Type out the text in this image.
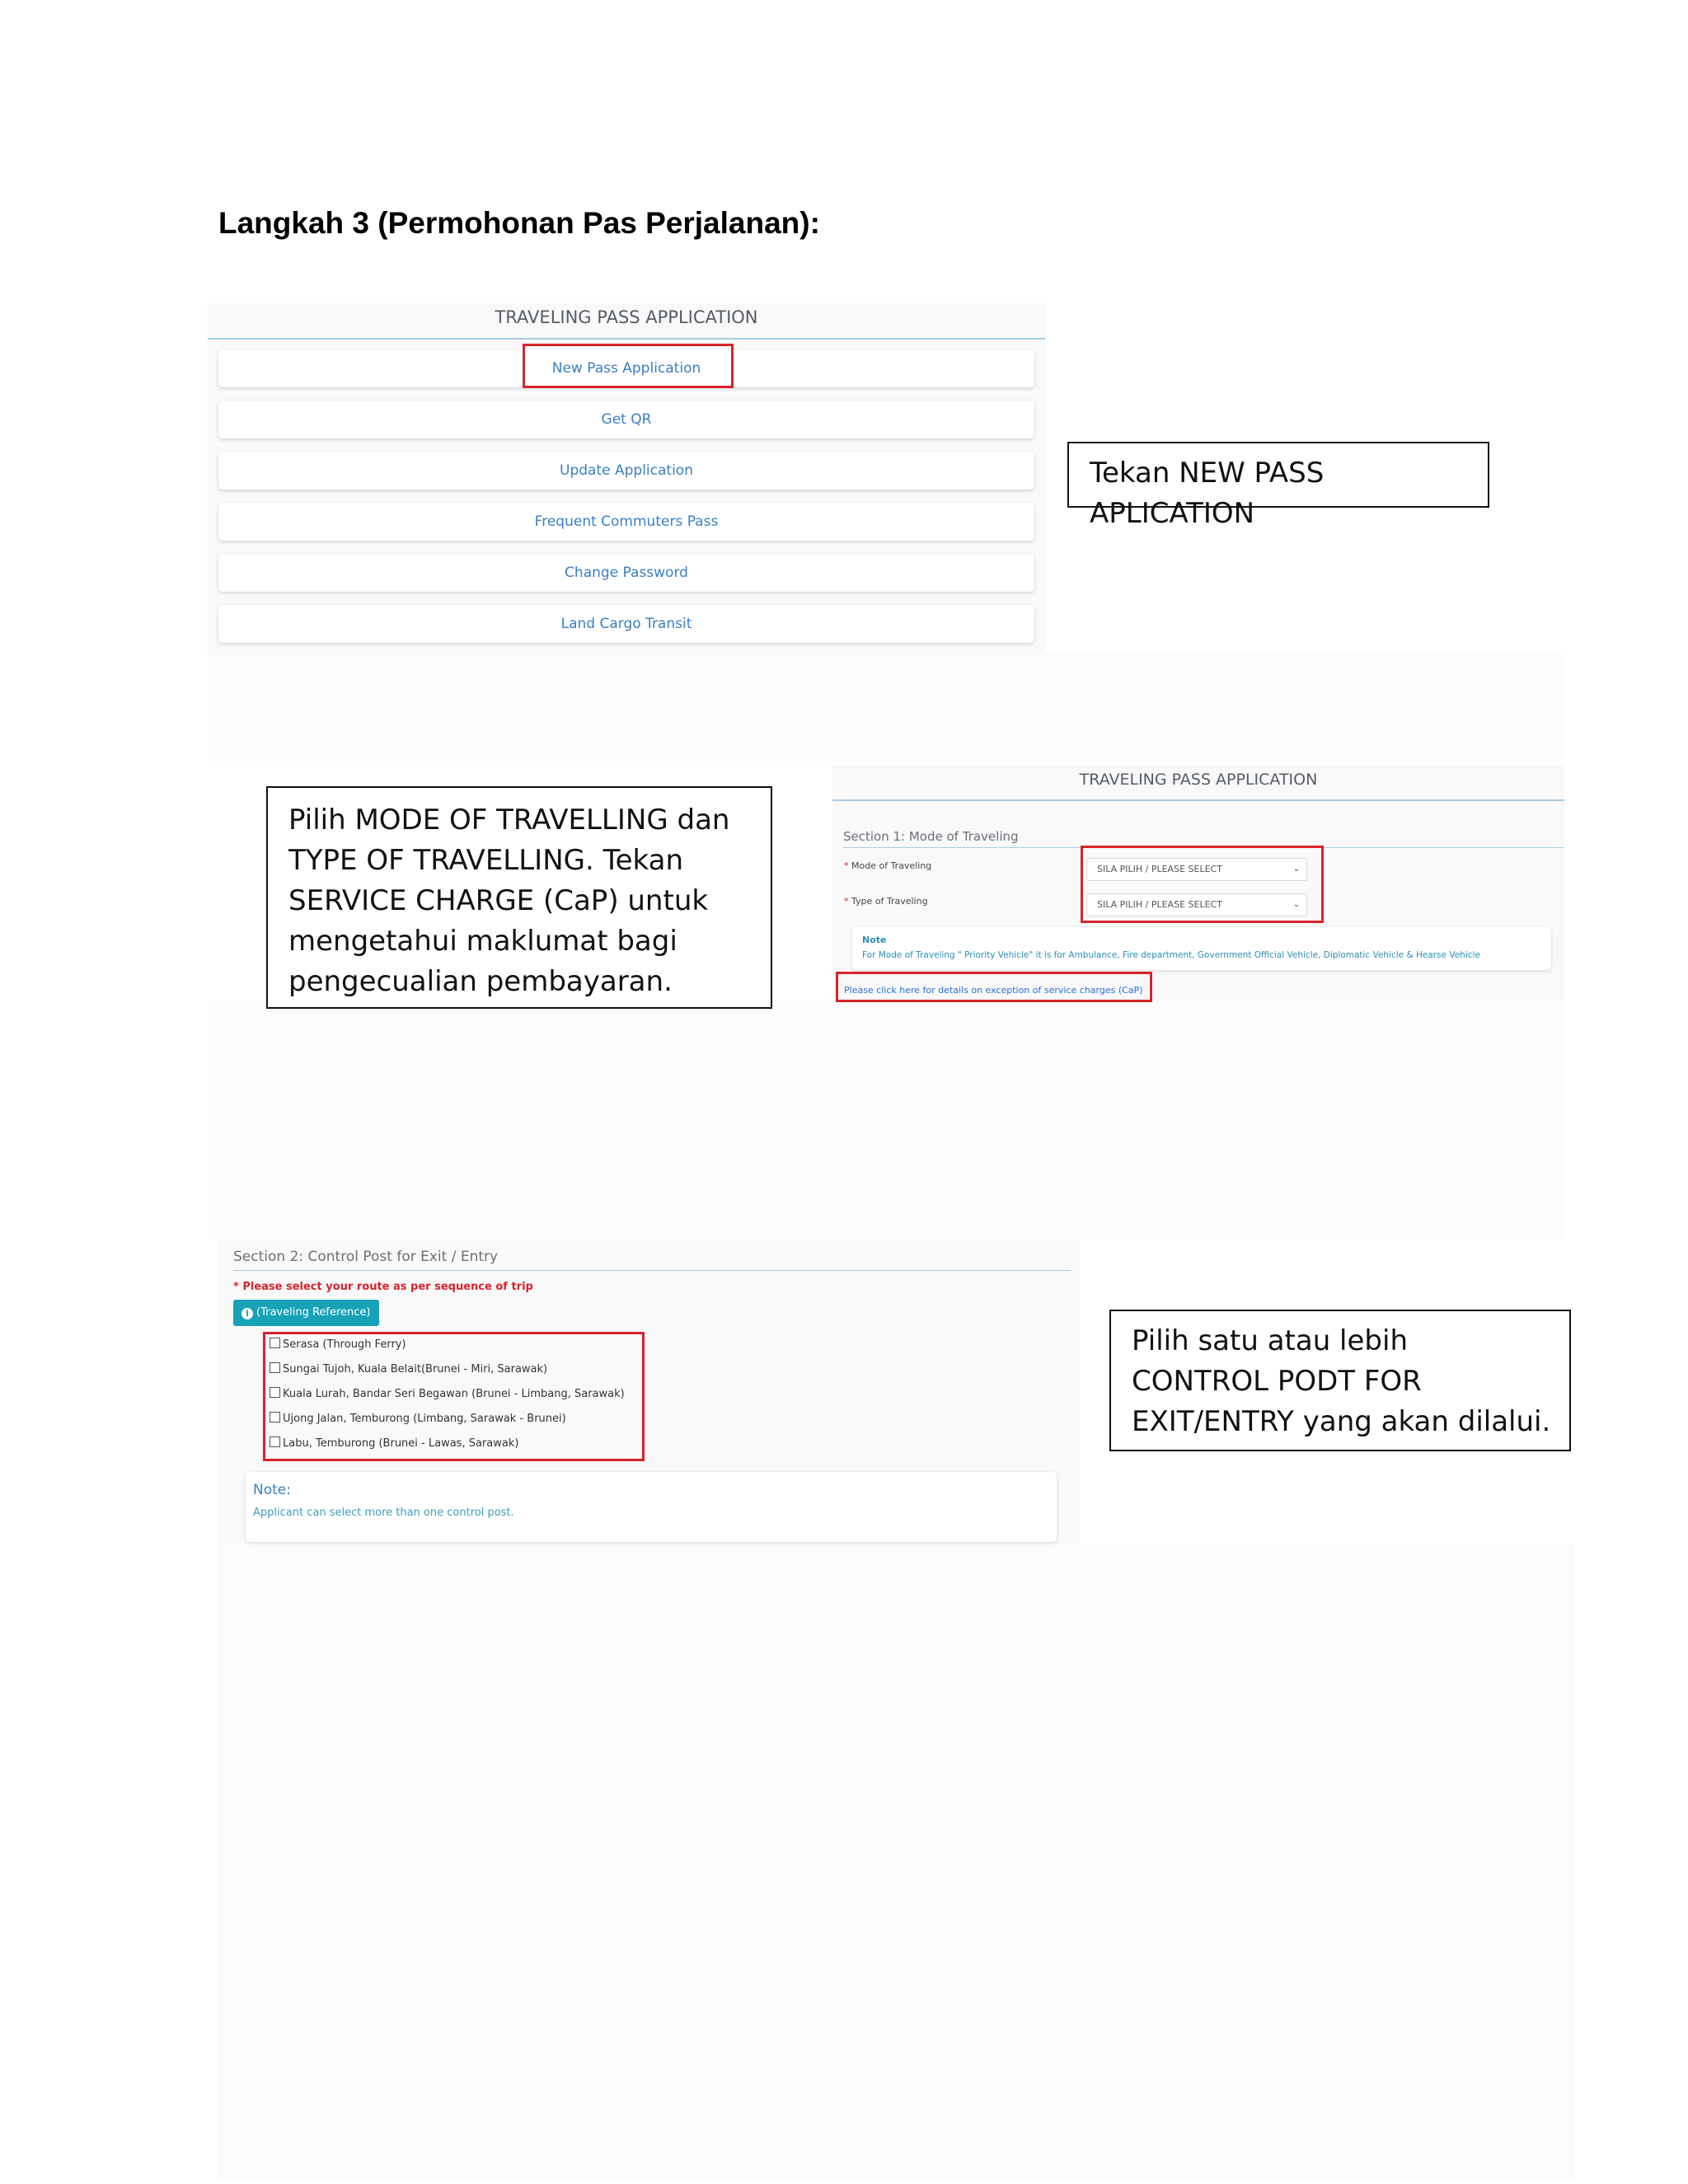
Langkah 3 (Permohonan Pas Perjalanan):
TRAVELING PASS APPLICATION
New Pass Application
Get QR
Update Application
Frequent Commuters Pass
Change Password
Land Cargo Transit
Tekan NEW PASS APLICATION
Pilih MODE OF TRAVELLING dan TYPE OF TRAVELLING. Tekan SERVICE CHARGE (CaP) untuk mengetahui maklumat bagi pengecualian pembayaran.
TRAVELING PASS APPLICATION
Section 1: Mode of Traveling
* Mode of Traveling
* Type of Traveling
SILA PILIH / PLEASE SELECT	⌄
SILA PILIH / PLEASE SELECT	⌄
Note
For Mode of Traveling " Priority Vehicle" it is for Ambulance, Fire department, Government Official Vehicle, Diplomatic Vehicle & Hearse Vehicle
Please click here for details on exception of service charges (CaP)
Section 2: Control Post for Exit / Entry
* Please select your route as per sequence of trip
i (Traveling Reference)
Serasa (Through Ferry)
Sungai Tujoh, Kuala Belait(Brunei - Miri, Sarawak)
Kuala Lurah, Bandar Seri Begawan (Brunei - Limbang, Sarawak)
Ujong Jalan, Temburong (Limbang, Sarawak - Brunei)
Labu, Temburong (Brunei - Lawas, Sarawak)
Note:
Applicant can select more than one control post.
Pilih satu atau lebih CONTROL PODT FOR EXIT/ENTRY yang akan dilalui.
